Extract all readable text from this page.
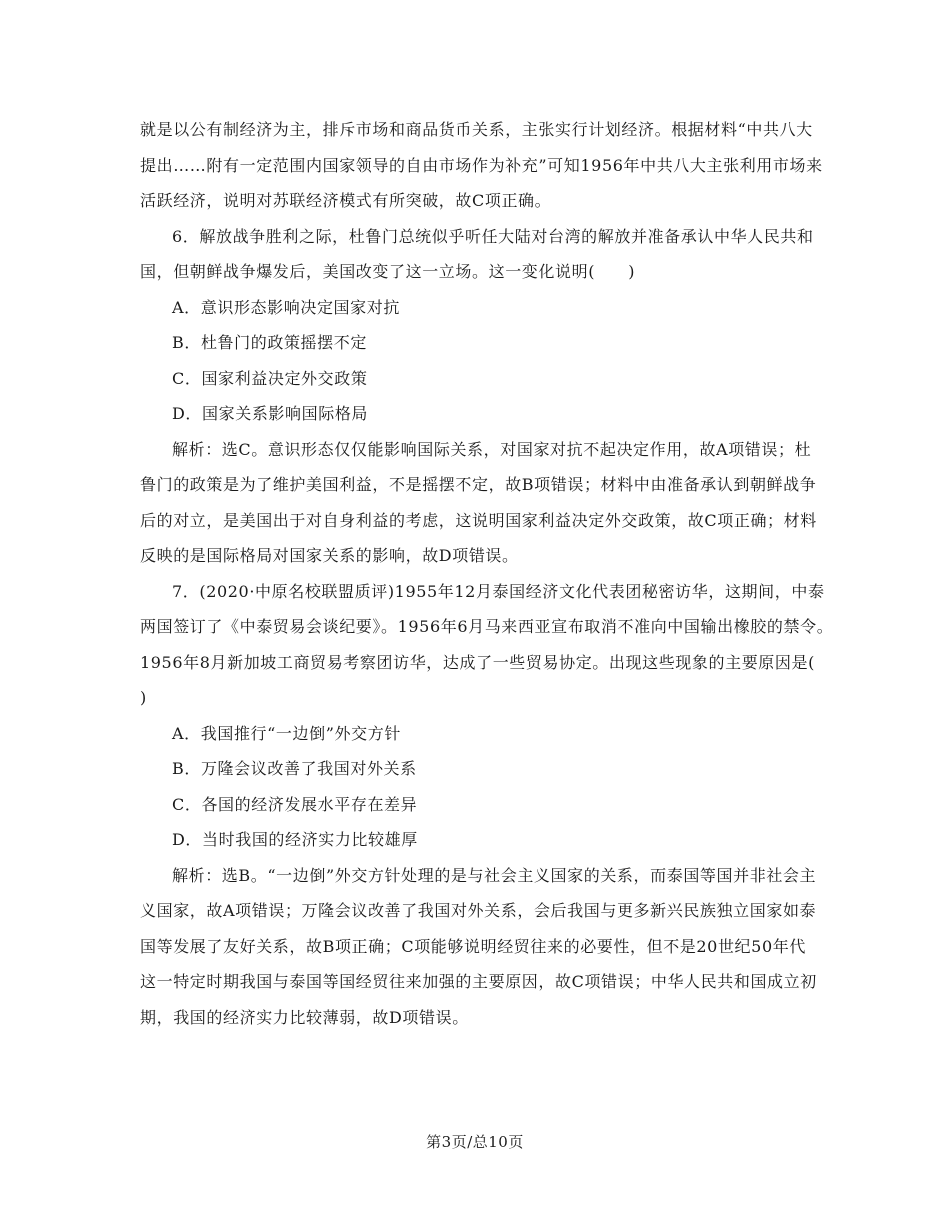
就是以公有制经济为主，排斥市场和商品货币关系，主张实行计划经济。根据材料“中共八大
提出……附有一定范围内国家领导的自由市场作为补充”可知1956年中共八大主张利用市场来
活跃经济，说明对苏联经济模式有所突破，故C项正确。
6．解放战争胜利之际，杜鲁门总统似乎听任大陆对台湾的解放并准备承认中华人民共和
国，但朝鲜战争爆发后，美国改变了这一立场。这一变化说明(　　)
A．意识形态影响决定国家对抗
B．杜鲁门的政策摇摆不定
C．国家利益决定外交政策
D．国家关系影响国际格局
解析：选C。意识形态仅仅能影响国际关系，对国家对抗不起决定作用，故A项错误；杜
鲁门的政策是为了维护美国利益，不是摇摆不定，故B项错误；材料中由准备承认到朝鲜战争
后的对立，是美国出于对自身利益的考虑，这说明国家利益决定外交政策，故C项正确；材料
反映的是国际格局对国家关系的影响，故D项错误。
7．(2020·中原名校联盟质评)1955年12月泰国经济文化代表团秘密访华，这期间，中泰
两国签订了《中泰贸易会谈纪要》。1956年6月马来西亚宣布取消不准向中国输出橡胶的禁令。
1956年8月新加坡工商贸易考察团访华，达成了一些贸易协定。出现这些现象的主要原因是(
)
A．我国推行“一边倒”外交方针
B．万隆会议改善了我国对外关系
C．各国的经济发展水平存在差异
D．当时我国的经济实力比较雄厚
解析：选B。“一边倒”外交方针处理的是与社会主义国家的关系，而泰国等国并非社会主
义国家，故A项错误；万隆会议改善了我国对外关系，会后我国与更多新兴民族独立国家如泰
国等发展了友好关系，故B项正确；C项能够说明经贸往来的必要性，但不是20世纪50年代
这一特定时期我国与泰国等国经贸往来加强的主要原因，故C项错误；中华人民共和国成立初
期，我国的经济实力比较薄弱，故D项错误。
第3页/总10页
